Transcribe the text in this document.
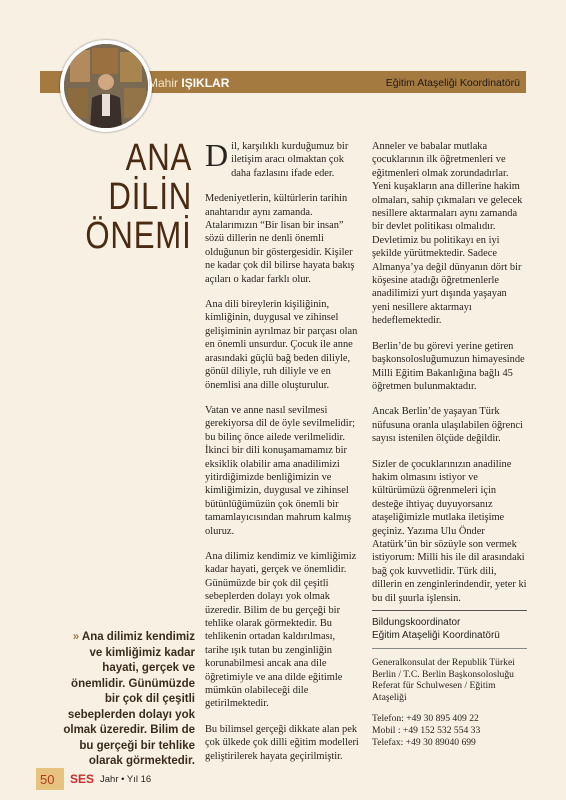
Mahir IŞIKLAR	Eğitim Ataşeliği Koordinatörü
ANA
DİLİN
ÖNEMİ
» Ana dilimiz kendimiz ve kimliğimiz kadar hayati, gerçek ve önemlidir. Günümüzde bir çok dil çeşitli sebeplerden dolayı yok olmak üzeredir. Bilim de bu gerçeği bir tehlike olarak görmektedir.

Dil, karşılıklı kurduğumuz bir iletişim aracı olmaktan çok daha fazlasını ifade eder.

Medeniyetlerin, kültürlerin tarihin anahtarıdır aynı zamanda. Atalarımızın “Bir lisan bir insan” sözü dillerin ne denli önemli olduğunun bir göstergesidir. Kişiler ne kadar çok dil bilirse hayata bakış açıları o kadar farklı olur.

Ana dili bireylerin kişiliğinin, kimliğinin, duygusal ve zihinsel gelişiminin ayrılmaz bir parçası olan en önemli unsurdur. Çocuk ile anne arasındaki güçlü bağ beden diliyle, gönül diliyle, ruh diliyle ve en önemlisi ana dille oluşturulur.

Vatan ve anne nasıl sevilmesi gerekiyorsa dil de öyle sevilmelidir; bu bilinç önce ailede verilmelidir. İkinci bir dili konuşamamamız bir eksiklik olabilir ama anadilimizi yitirdiğimizde benliğimizin ve kimliğimizin, duygusal ve zihinsel bütünlüğümüzün çok önemli bir tamamlayıcısından mahrum kalmış oluruz.

Ana dilimiz kendimiz ve kimliğimiz kadar hayati, gerçek ve önemlidir. Günümüzde bir çok dil çeşitli sebeplerden dolayı yok olmak üzeredir. Bilim de bu gerçeği bir tehlike olarak görmektedir. Bu tehlikenin ortadan kaldırılması, tarihe ışık tutan bu zenginliğin korunabilmesi ancak ana dile öğretimiyle ve ana dilde eğitimle mümkün olabileceği dile getirilmektedir.

Bu bilimsel gerçeği dikkate alan pek çok ülkede çok dilli eğitim modelleri geliştirilerek hayata geçirilmiştir.

Anneler ve babalar mutlaka çocuklarının ilk öğretmenleri ve eğitmenleri olmak zorundadırlar. Yeni kuşakların ana dillerine hakim olmaları, sahip çıkmaları ve gelecek nesillere aktarmaları aynı zamanda bir devlet politikası olmalıdır. Devletimiz bu politikayı en iyi şekilde yürütmektedir. Sadece Almanya’ya değil dünyanın dört bir köşesine atadığı öğretmenlerle anadilimizi yurt dışında yaşayan yeni nesillere aktarmayı hedeflemektedir.

Berlin’de bu görevi yerine getiren başkonsolosluğumuzun himayesinde Milli Eğitim Bakanlığına bağlı 45 öğretmen bulunmaktadır.

Ancak Berlin’de yaşayan Türk nüfusuna oranla ulaşılabilen öğrenci sayısı istenilen ölçüde değildir.

Sizler de çocuklarınızın anadiline hakim olmasını istiyor ve kültürümüzü öğrenmeleri için desteğe ihtiyaç duyuyorsanız ataşeliğimizle mutlaka iletişime geçiniz. Yazıma Ulu Önder Atatürk’ün bir sözüyle son vermek istiyorum: Milli his ile dil arasındaki bağ çok kuvvetlidir. Türk dili, dillerin en zenginlerindendir, yeter ki bu dil şuurla işlensin.

Bildungskoordinator
Eğitim Ataşeliği Koordinatörü
Generalkonsulat der Republik Türkei Berlin / T.C. Berlin Başkonsolosluğu
Referat für Schulwesen / Eğitim Ataşeliği
Telefon: +49 30 895 409 22
Mobil : +49 152 532 554 33
Telefax: +49 30 89040 699
50 SES Jahr • Yıl 16
